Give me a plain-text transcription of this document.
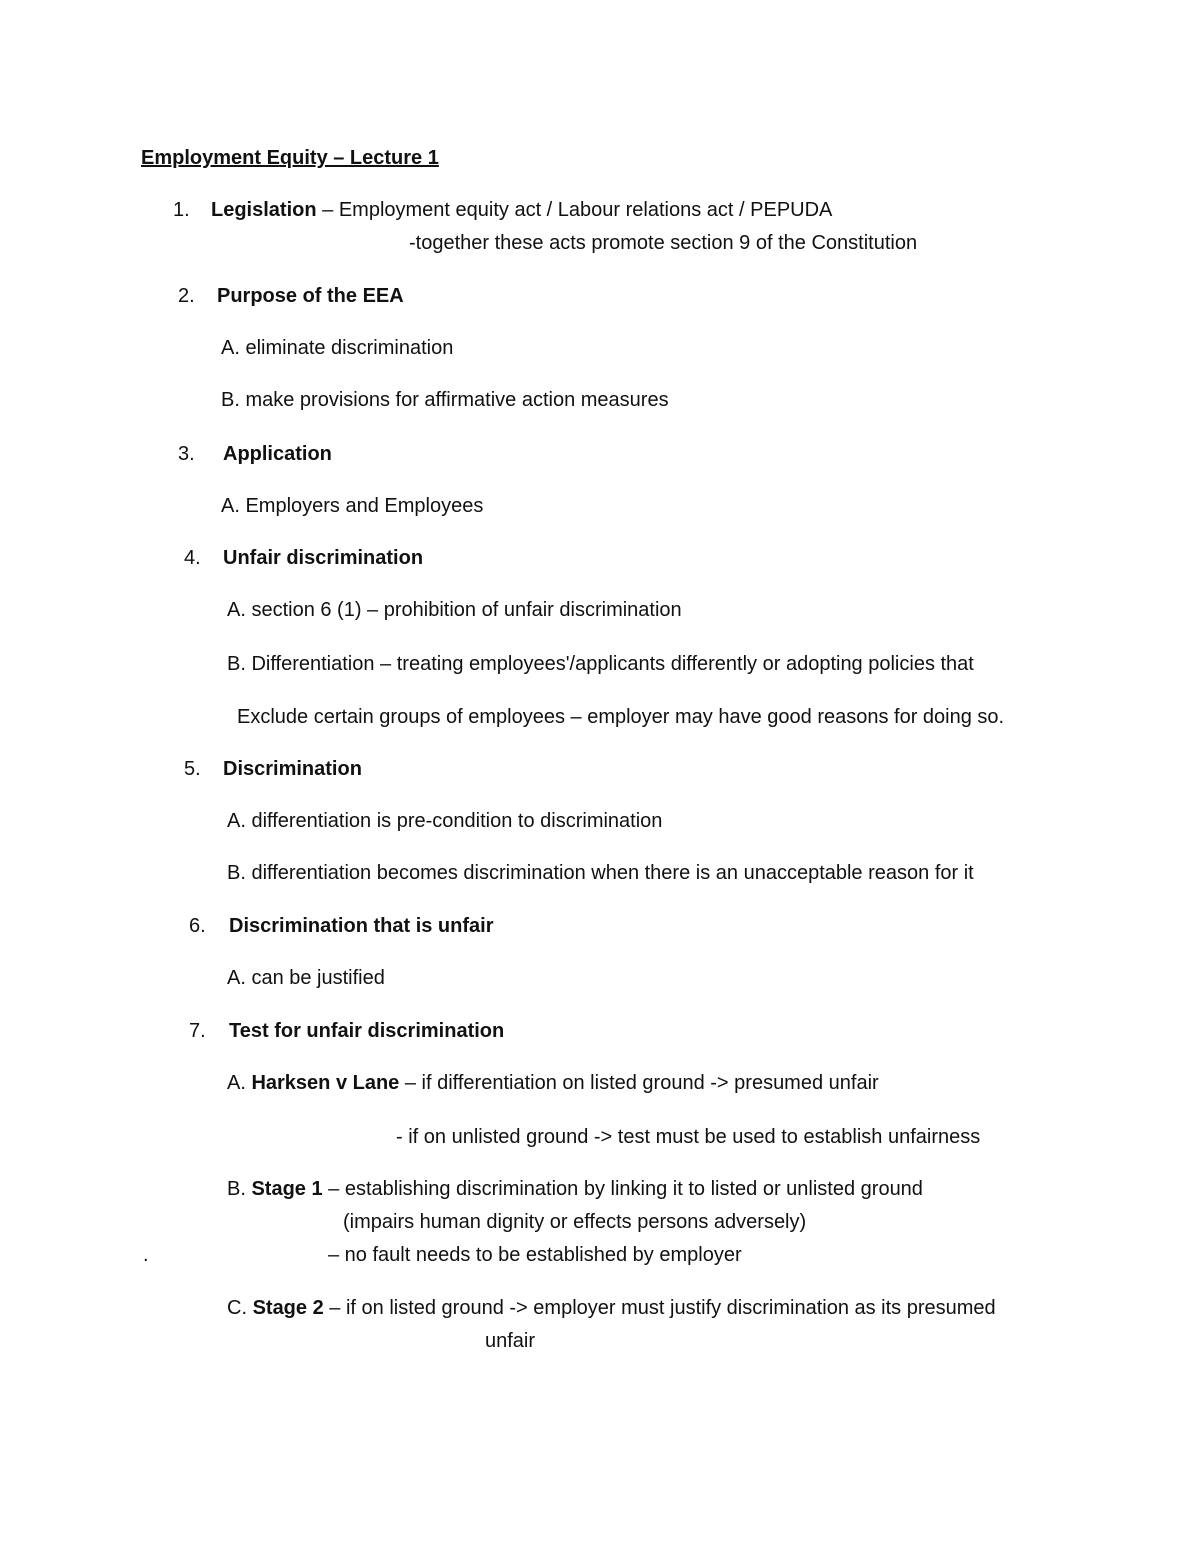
Employment Equity – Lecture 1
1. Legislation – Employment equity act / Labour relations act / PEPUDA
-together these acts promote section 9 of the Constitution
2. Purpose of the EEA
A. eliminate discrimination
B. make provisions for affirmative action measures
3. Application
A. Employers and Employees
4. Unfair discrimination
A. section 6 (1) – prohibition of unfair discrimination
B. Differentiation – treating employees'/applicants differently or adopting policies that
Exclude certain groups of employees – employer may have good reasons for doing so.
5. Discrimination
A. differentiation is pre-condition to discrimination
B. differentiation becomes discrimination when there is an unacceptable reason for it
6. Discrimination that is unfair
A. can be justified
7. Test for unfair discrimination
A. Harksen v Lane – if differentiation on listed ground -> presumed unfair
- if on unlisted ground -> test must be used to establish unfairness
B. Stage 1 – establishing discrimination by linking it to listed or unlisted ground
(impairs human dignity or effects persons adversely)
.	– no fault needs to be established by employer
C. Stage 2 – if on listed ground -> employer must justify discrimination as its presumed
unfair
